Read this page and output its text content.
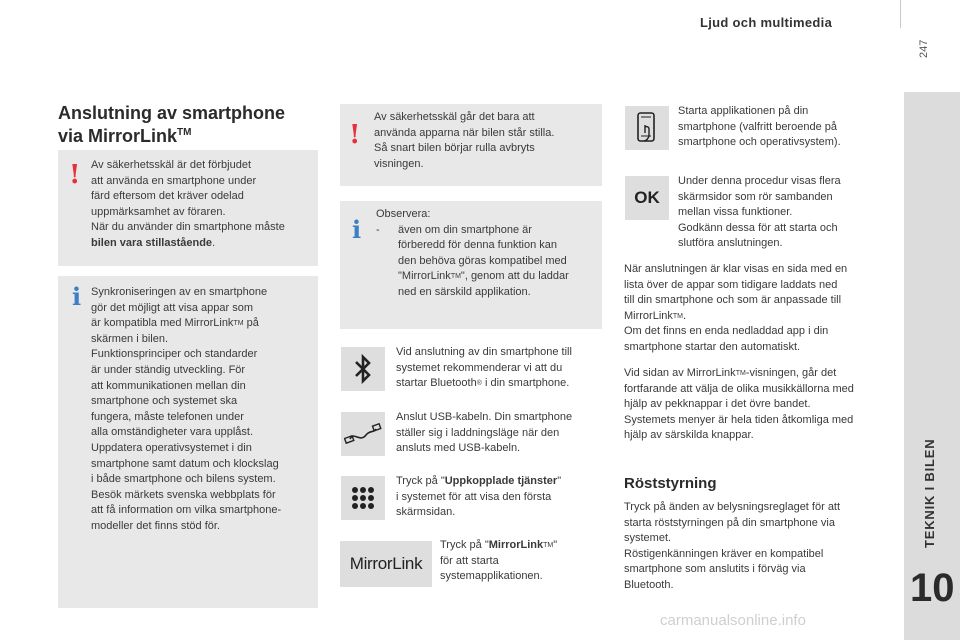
Ljud och multimedia
247
TEKNIK I BILEN
10
Anslutning av smartphone
via MirrorLink™
! Av säkerhetsskäl är det förbjudet
att använda en smartphone under
färd eftersom det kräver odelad
uppmärksamhet av föraren.
När du använder din smartphone måste
bilen vara stillastående.
i Synkroniseringen av en smartphone
gör det möjligt att visa appar som
är kompatibla med MirrorLink™ på
skärmen i bilen.
Funktionsprinciper och standarder
är under ständig utveckling. För
att kommunikationen mellan din
smartphone och systemet ska
fungera, måste telefonen under
alla omständigheter vara upplåst.
Uppdatera operativsystemet i din
smartphone samt datum och klockslag
i både smartphone och bilens system.
Besök märkets svenska webbplats för
att få information om vilka smartphone-
modeller det finns stöd för.
!
Av säkerhetsskäl går det bara att
använda apparna när bilen står stilla.
Så snart bilen börjar rulla avbryts
visningen.
i
Observera:
-	även om din smartphone är
förberedd för denna funktion kan
den behöva göras kompatibel med
"MirrorLink™", genom att du laddar
ned en särskild applikation.
Vid anslutning av din smartphone till
systemet rekommenderar vi att du
startar Bluetooth® i din smartphone.
Anslut USB-kabeln. Din smartphone
ställer sig i laddningsläge när den
ansluts med USB-kabeln.
Tryck på "Uppkopplade tjänster"
i systemet för att visa den första
skärmsidan.
MirrorLink
Tryck på "MirrorLink™"
för att starta
systemapplikationen.
Starta applikationen på din
smartphone (valfritt beroende på
smartphone och operativsystem).
OK
Under denna procedur visas flera
skärmsidor som rör sambanden
mellan vissa funktioner.
Godkänn dessa för att starta och
slutföra anslutningen.
När anslutningen är klar visas en sida med en
lista över de appar som tidigare laddats ned
till din smartphone och som är anpassade till
MirrorLink™.
Om det finns en enda nedladdad app i din
smartphone startar den automatiskt.
Vid sidan av MirrorLink™-visningen, går det
fortfarande att välja de olika musikkällorna med
hjälp av pekknappar i det övre bandet.
Systemets menyer är hela tiden åtkomliga med
hjälp av särskilda knappar.
Röststyrning
Tryck på änden av belysningsreglaget för att
starta röststyrningen på din smartphone via
systemet.
Röstigenkänningen kräver en kompatibel
smartphone som anslutits i förväg via
Bluetooth.
carmanualsonline.info
